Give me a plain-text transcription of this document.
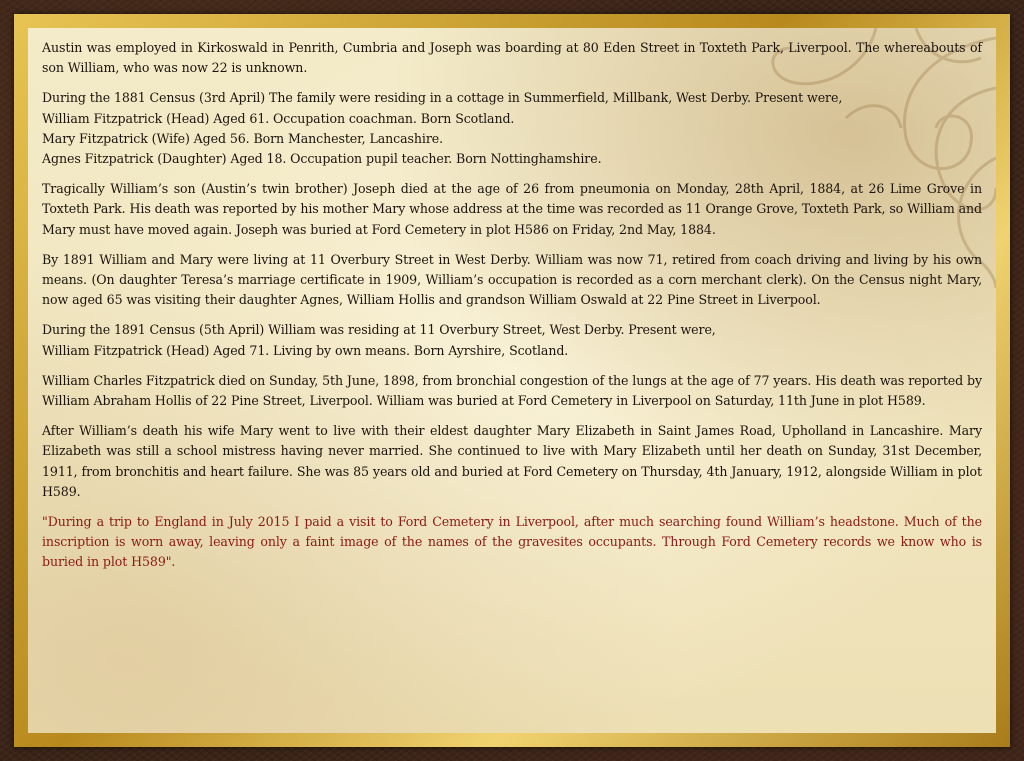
Austin was employed in Kirkoswald in Penrith, Cumbria and Joseph was boarding at 80 Eden Street in Toxteth Park, Liverpool. The whereabouts of son William, who was now 22 is unknown.

During the 1881 Census (3rd April) The family were residing in a cottage in Summerfield, Millbank, West Derby. Present were,
William Fitzpatrick (Head) Aged 61. Occupation coachman. Born Scotland.
Mary Fitzpatrick (Wife) Aged 56. Born Manchester, Lancashire.
Agnes Fitzpatrick (Daughter) Aged 18. Occupation pupil teacher. Born Nottinghamshire.

Tragically William’s son (Austin’s twin brother) Joseph died at the age of 26 from pneumonia on Monday, 28th April, 1884, at 26 Lime Grove in Toxteth Park. His death was reported by his mother Mary whose address at the time was recorded as 11 Orange Grove, Toxteth Park, so William and Mary must have moved again. Joseph was buried at Ford Cemetery in plot H586 on Friday, 2nd May, 1884.

By 1891 William and Mary were living at 11 Overbury Street in West Derby. William was now 71, retired from coach driving and living by his own means. (On daughter Teresa’s marriage certificate in 1909, William’s occupation is recorded as a corn merchant clerk). On the Census night Mary, now aged 65 was visiting their daughter Agnes, William Hollis and grandson William Oswald at 22 Pine Street in Liverpool.

During the 1891 Census (5th April) William was residing at 11 Overbury Street, West Derby. Present were,
William Fitzpatrick (Head) Aged 71. Living by own means. Born Ayrshire, Scotland.

William Charles Fitzpatrick died on Sunday, 5th June, 1898, from bronchial congestion of the lungs at the age of 77 years. His death was reported by William Abraham Hollis of 22 Pine Street, Liverpool. William was buried at Ford Cemetery in Liverpool on Saturday, 11th June in plot H589.

After William’s death his wife Mary went to live with their eldest daughter Mary Elizabeth in Saint James Road, Upholland in Lancashire. Mary Elizabeth was still a school mistress having never married. She continued to live with Mary Elizabeth until her death on Sunday, 31st December, 1911, from bronchitis and heart failure. She was 85 years old and buried at Ford Cemetery on Thursday, 4th January, 1912, alongside William in plot H589.

"During a trip to England in July 2015 I paid a visit to Ford Cemetery in Liverpool, after much searching found William’s headstone. Much of the inscription is worn away, leaving only a faint image of the names of the gravesites occupants. Through Ford Cemetery records we know who is buried in plot H589".
